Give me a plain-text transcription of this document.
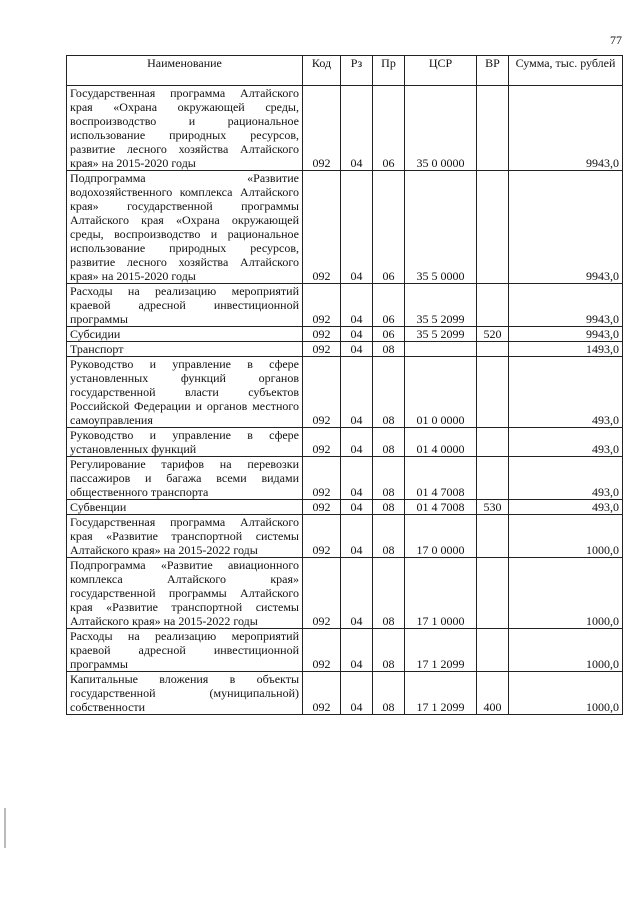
77
Наименование	Код	Рз	Пр	ЦСР	ВР	Сумма, тыс. рублей
Государственная программа Алтайского края «Охрана окружающей среды, воспроизводство и рациональное использование природных ресурсов, развитие лесного хозяйства Алтайского края» на 2015-2020 годы	092	04	06	35 0 0000		9943,0
Подпрограмма «Развитие водохозяйственного комплекса Алтайского края» государственной программы Алтайского края «Охрана окружающей среды, воспроизводство и рациональное использование природных ресурсов, развитие лесного хозяйства Алтайского края» на 2015-2020 годы	092	04	06	35 5 0000		9943,0
Расходы на реализацию мероприятий краевой адресной инвестиционной программы	092	04	06	35 5 2099		9943,0
Субсидии	092	04	06	35 5 2099	520	9943,0
Транспорт	092	04	08			1493,0
Руководство и управление в сфере установленных функций органов государственной власти субъектов Российской Федерации и органов местного самоуправления	092	04	08	01 0 0000		493,0
Руководство и управление в сфере установленных функций	092	04	08	01 4 0000		493,0
Регулирование тарифов на перевозки пассажиров и багажа всеми видами общественного транспорта	092	04	08	01 4 7008		493,0
Субвенции	092	04	08	01 4 7008	530	493,0
Государственная программа Алтайского края «Развитие транспортной системы Алтайского края» на 2015-2022 годы	092	04	08	17 0 0000		1000,0
Подпрограмма «Развитие авиационного комплекса Алтайского края» государственной программы Алтайского края «Развитие транспортной системы Алтайского края» на 2015-2022 годы	092	04	08	17 1 0000		1000,0
Расходы на реализацию мероприятий краевой адресной инвестиционной программы	092	04	08	17 1 2099		1000,0
Капитальные вложения в объекты государственной (муниципальной) собственности	092	04	08	17 1 2099	400	1000,0
